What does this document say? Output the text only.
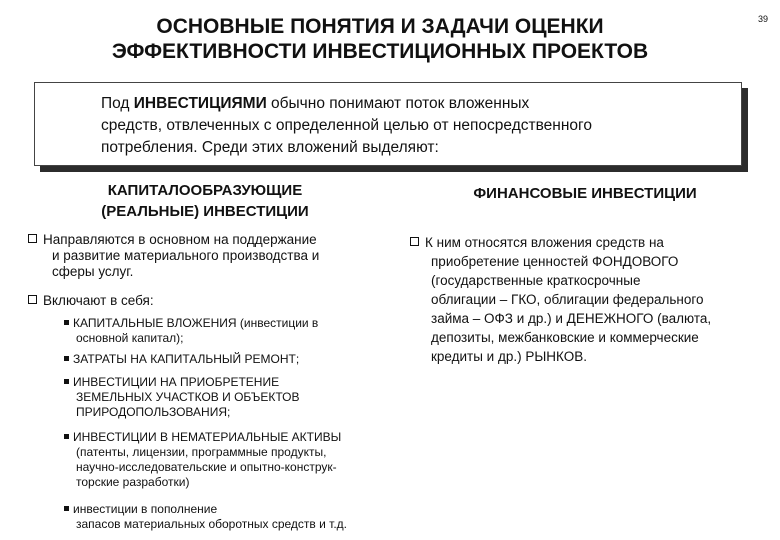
ОСНОВНЫЕ ПОНЯТИЯ И ЗАДАЧИ ОЦЕНКИ
ЭФФЕКТИВНОСТИ ИНВЕСТИЦИОННЫХ ПРОЕКТОВ
39
Под ИНВЕСТИЦИЯМИ обычно понимают поток вложенных
средств, отвлеченных с определенной целью от непосредственного
потребления. Среди этих вложений выделяют:
КАПИТАЛООБРАЗУЮЩИЕ
(РЕАЛЬНЫЕ) ИНВЕСТИЦИИ
ФИНАНСОВЫЕ ИНВЕСТИЦИИ
Направляются в основном на поддержание
и развитие материального производства и
сферы услуг.
Включают в себя:
КАПИТАЛЬНЫЕ ВЛОЖЕНИЯ (инвестиции в
основной капитал);
ЗАТРАТЫ НА КАПИТАЛЬНЫЙ РЕМОНТ;
ИНВЕСТИЦИИ НА ПРИОБРЕТЕНИЕ
ЗЕМЕЛЬНЫХ УЧАСТКОВ И ОБЪЕКТОВ
ПРИРОДОПОЛЬЗОВАНИЯ;
ИНВЕСТИЦИИ В НЕМАТЕРИАЛЬНЫЕ АКТИВЫ
(патенты, лицензии, программные продукты,
научно-исследовательские и опытно-конструк-
торские разработки)
инвестиции в пополнение
запасов материальных оборотных средств и т.д.
К ним относятся вложения средств на
приобретение ценностей ФОНДОВОГО
(государственные краткосрочные
облигации – ГКО, облигации федерального
займа – ОФЗ и др.) и ДЕНЕЖНОГО (валюта,
депозиты, межбанковские и коммерческие
кредиты и др.) РЫНКОВ.
